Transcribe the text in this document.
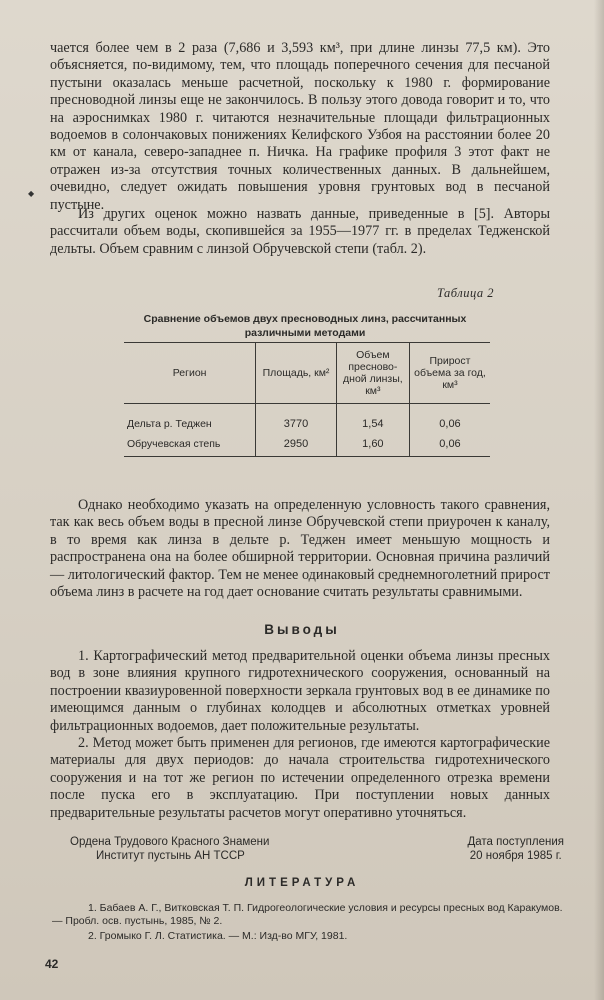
◆

чается более чем в 2 раза (7,686 и 3,593 км³, при длине линзы 77,5 км). Это объясняется, по-видимому, тем, что площадь поперечного сечения для песчаной пустыни оказалась меньше расчетной, поскольку к 1980 г. формирование пресноводной линзы еще не закончилось. В пользу этого довода говорит и то, что на аэроснимках 1980 г. читаются незначительные площади фильтрационных водоемов в солончаковых понижениях Келифского Узбоя на расстоянии более 20 км от канала, северо-западнее п. Ничка. На графике профиля 3 этот факт не отражен из-за отсутствия точных количественных данных. В дальнейшем, очевидно, следует ожидать повышения уровня грунтовых вод в песчаной пустыне.

Из других оценок можно назвать данные, приведенные в [5]. Авторы рассчитали объем воды, скопившейся за 1955—1977 гг. в пределах Тедженской дельты. Объем сравним с линзой Обручевской степи (табл. 2).

Таблица 2
Сравнение объемов двух пресноводных линз, рассчитанных различными методами
Регион	Площадь, км²	Объем пресноводной линзы, км³	Прирост объема за год, км³

Дельта р. Теджен	3770	1,54	0,06
Обручевская степь	2950	1,60	0,06

Однако необходимо указать на определенную условность такого сравнения, так как весь объем воды в пресной линзе Обручевской степи приурочен к каналу, в то время как линза в дельте р. Теджен имеет меньшую мощность и распространена она на более обширной территории. Основная причина различий — литологический фактор. Тем не менее одинаковый среднемноголетний прирост объема линз в расчете на год дает основание считать результаты сравнимыми.

Выводы

1. Картографический метод предварительной оценки объема линзы пресных вод в зоне влияния крупного гидротехнического сооружения, основанный на построении квазиуровенной поверхности зеркала грунтовых вод в ее динамике по имеющимся данным о глубинах колодцев и абсолютных отметках уровней фильтрационных водоемов, дает положительные результаты.

2. Метод может быть применен для регионов, где имеются картографические материалы для двух периодов: до начала строительства гидротехнического сооружения и на тот же регион по истечении определенного отрезка времени после пуска его в эксплуатацию. При поступлении новых данных предварительные результаты расчетов могут оперативно уточняться.

Ордена Трудового Красного Знамени
Институт пустынь АН ТССР
Дата поступления
20 ноября 1985 г.
ЛИТЕРАТУРА

1. Бабаев А. Г., Витковская Т. П. Гидрогеологические условия и ресурсы пресных вод Каракумов. — Пробл. осв. пустынь, 1985, № 2.

2. Громыко Г. Л. Статистика. — М.: Изд-во МГУ, 1981.

42
